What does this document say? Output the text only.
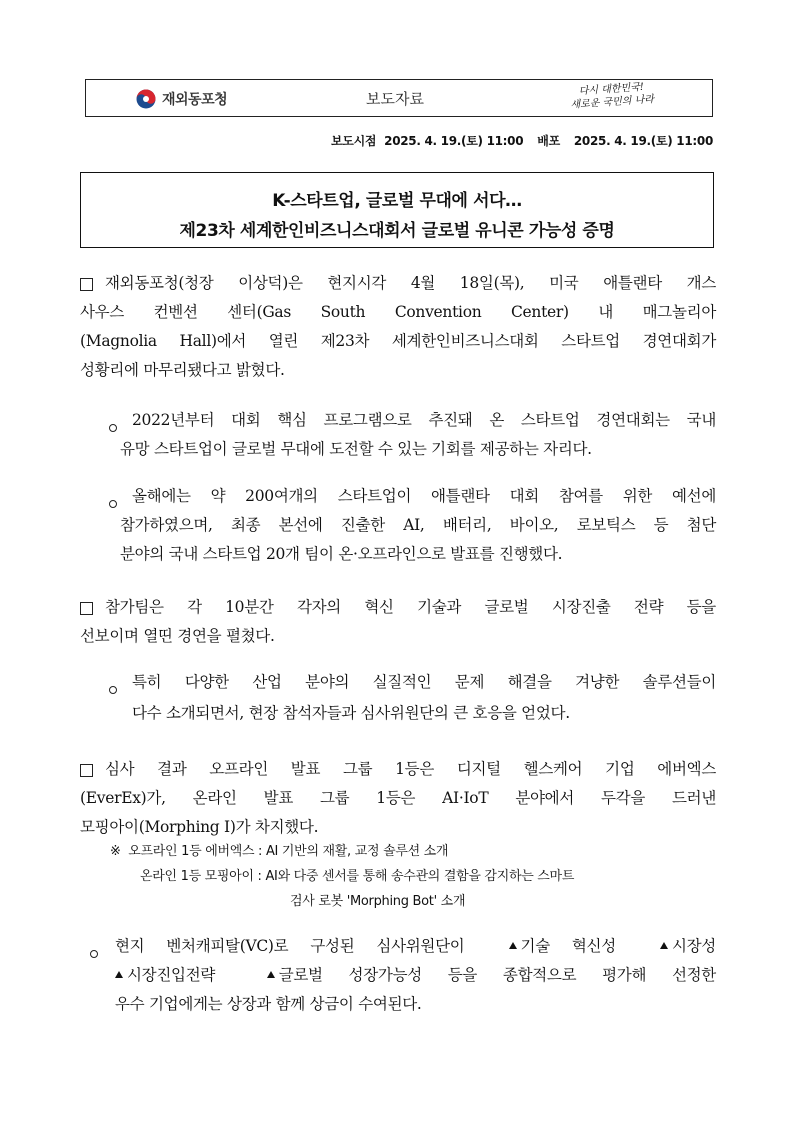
재외동포청	보도자료
다시 대한민국!
새로운 국민의 나라
보도시점 2025. 4. 19.(토) 11:00 배포 2025. 4. 19.(토) 11:00
K-스타트업, 글로벌 무대에 서다…
제23차 세계한인비즈니스대회서 글로벌 유니콘 가능성 증명
재외동포청(청장 이상덕)은 현지시각 4월 18일(목), 미국 애틀랜타 개스
사우스 컨벤션 센터(Gas South Convention Center) 내 매그놀리아
(Magnolia Hall)에서 열린 제23차 세계한인비즈니스대회 스타트업 경연대회가
성황리에 마무리됐다고 밝혔다.
2022년부터 대회 핵심 프로그램으로 추진돼 온 스타트업 경연대회는 국내
유망 스타트업이 글로벌 무대에 도전할 수 있는 기회를 제공하는 자리다.
올해에는 약 200여개의 스타트업이 애틀랜타 대회 참여를 위한 예선에
참가하였으며, 최종 본선에 진출한 AI, 배터리, 바이오, 로보틱스 등 첨단
분야의 국내 스타트업 20개 팀이 온·오프라인으로 발표를 진행했다.
참가팀은 각 10분간 각자의 혁신 기술과 글로벌 시장진출 전략 등을
선보이며 열띤 경연을 펼쳤다.
특히 다양한 산업 분야의 실질적인 문제 해결을 겨냥한 솔루션들이
다수 소개되면서, 현장 참석자들과 심사위원단의 큰 호응을 얻었다.
심사 결과 오프라인 발표 그룹 1등은 디지털 헬스케어 기업 에버엑스
(EverEx)가, 온라인 발표 그룹 1등은 AI·IoT 분야에서 두각을 드러낸
모핑아이(Morphing I)가 차지했다.
※ 오프라인 1등 에버엑스 : AI 기반의 재활, 교정 솔루션 소개
온라인 1등 모핑아이 : AI와 다중 센서를 통해 송수관의 결함을 감지하는 스마트
검사 로봇 'Morphing Bot' 소개
현지 벤처캐피탈(VC)로 구성된 심사위원단이	기술 혁신성	시장성
시장진입전략	글로벌 성장가능성 등을 종합적으로 평가해 선정한
우수 기업에게는 상장과 함께 상금이 수여된다.
